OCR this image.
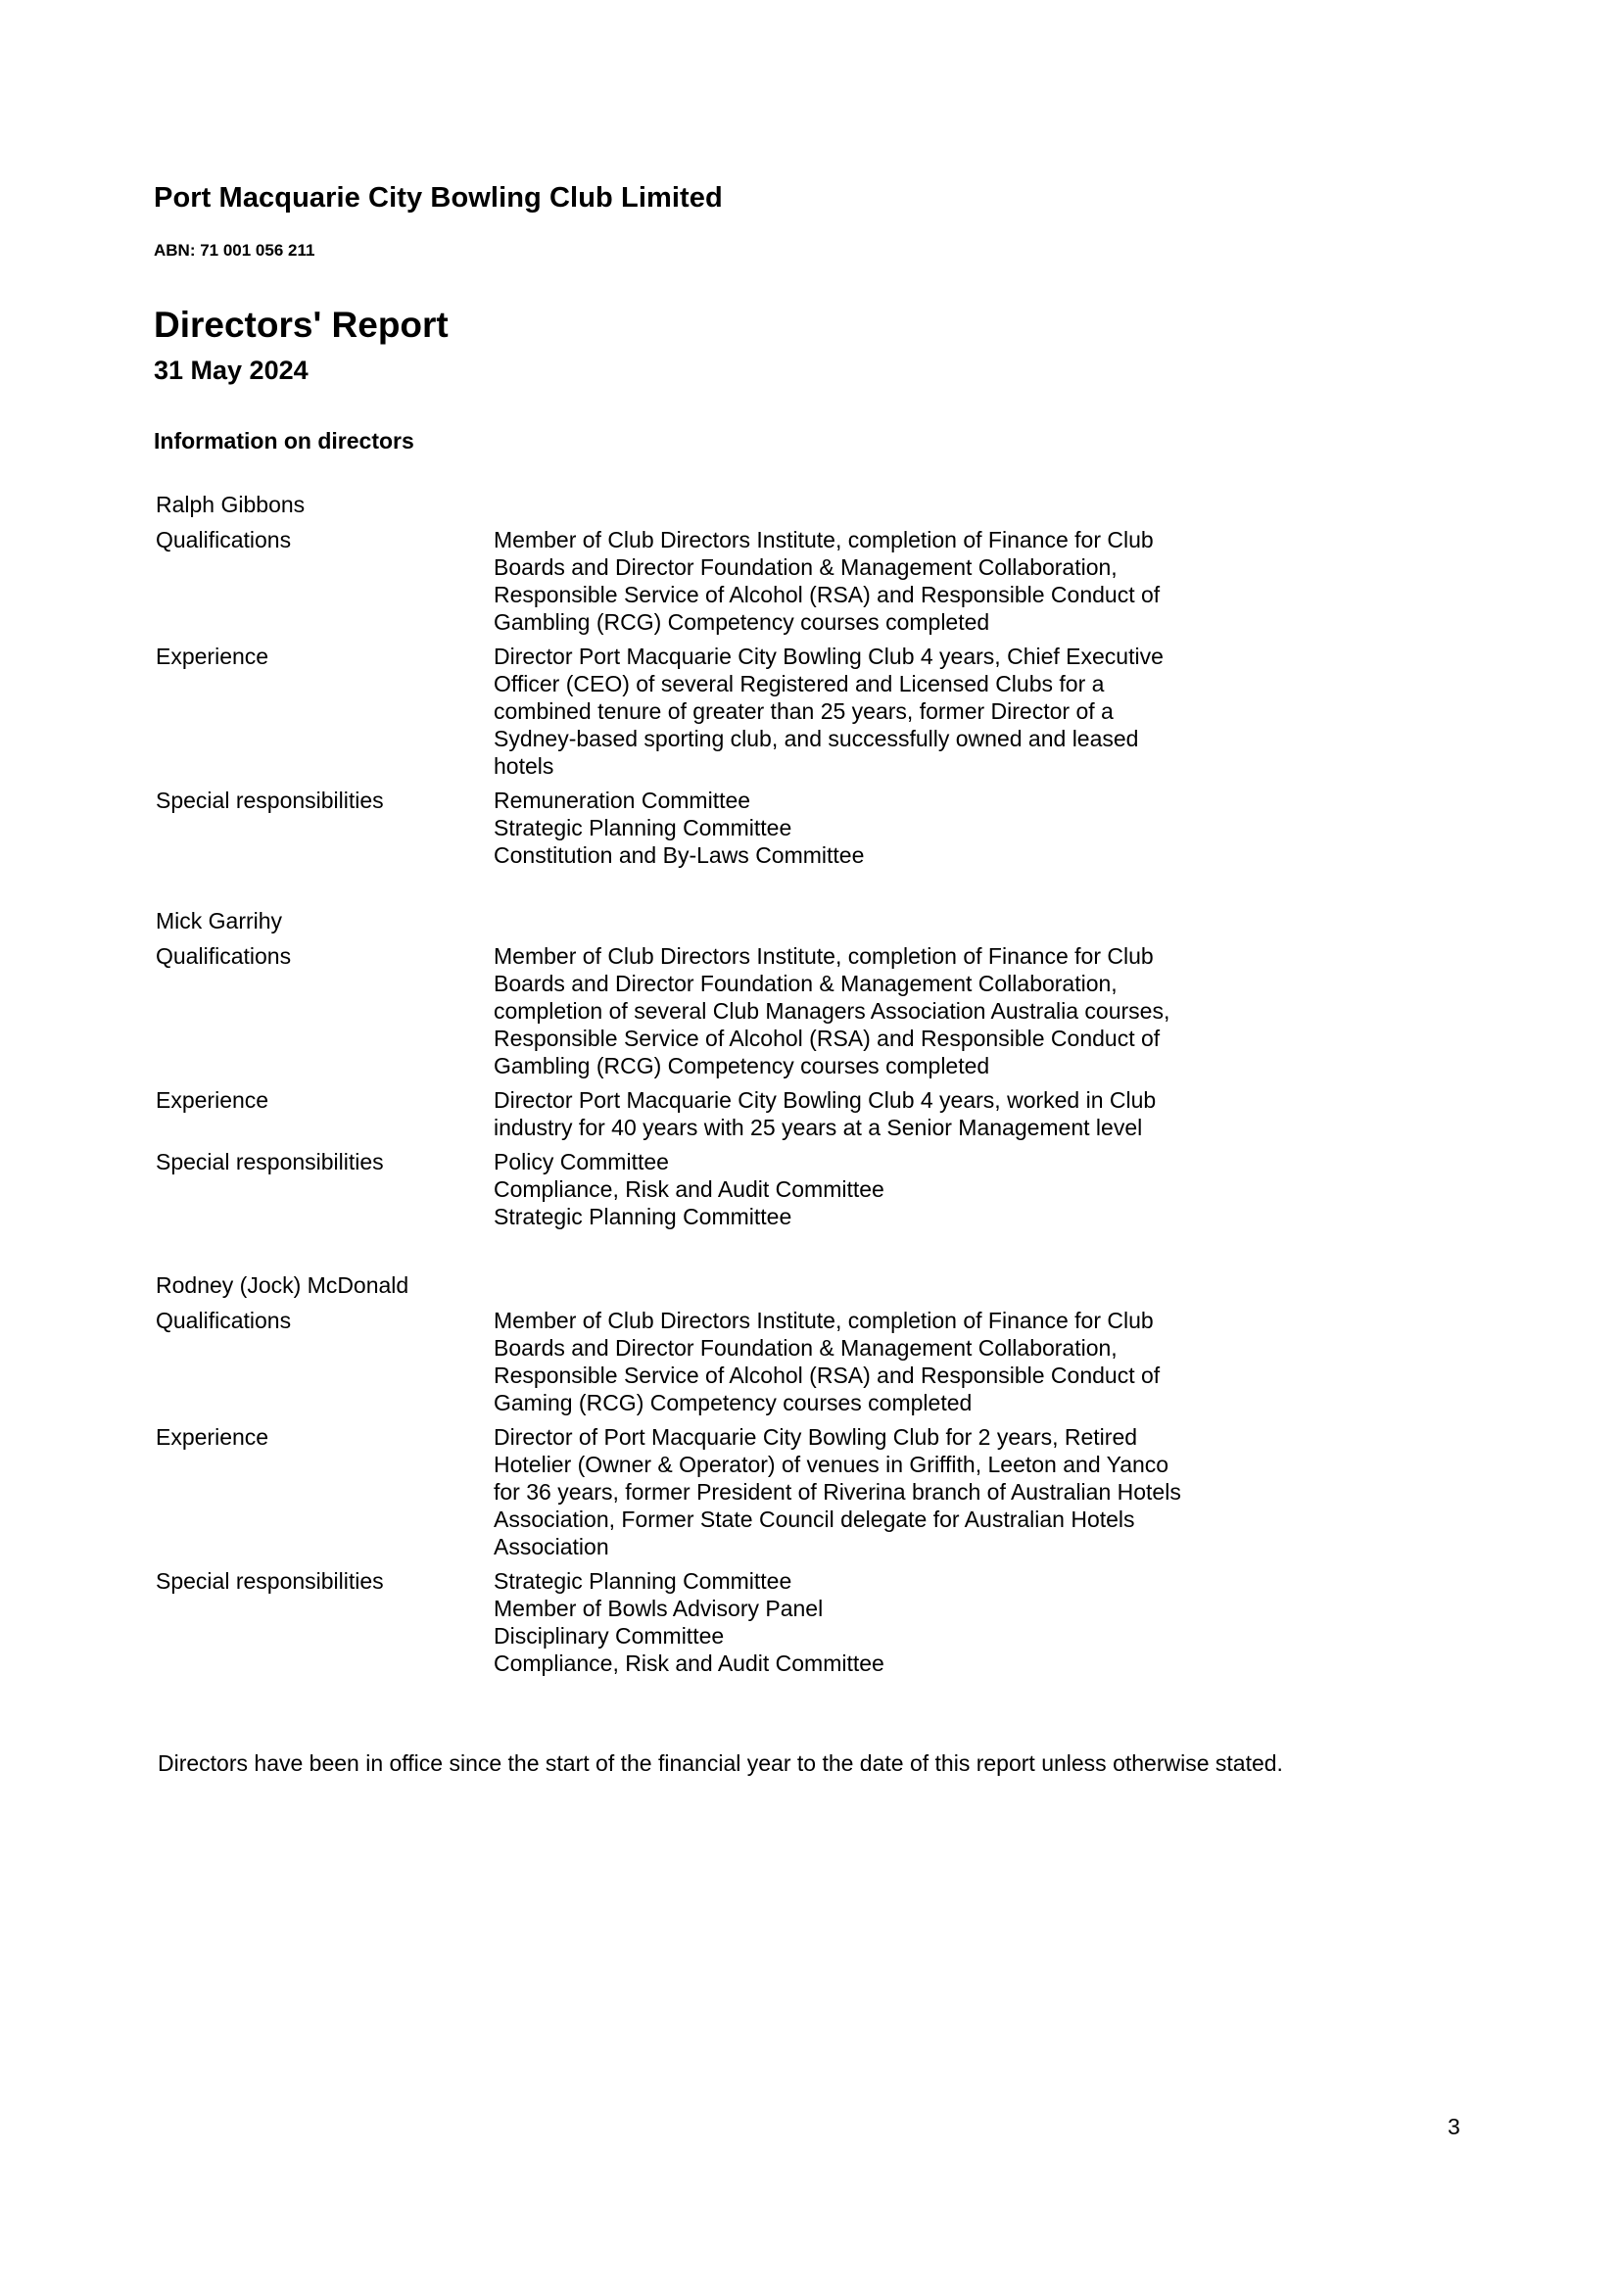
Port Macquarie City Bowling Club Limited
ABN: 71 001 056 211
Directors' Report
31 May 2024
Information on directors
Ralph Gibbons
Qualifications	Member of Club Directors Institute, completion of Finance for Club
Boards and Director Foundation & Management Collaboration,
Responsible Service of Alcohol (RSA) and Responsible Conduct of
Gambling (RCG) Competency courses completed
Experience	Director Port Macquarie City Bowling Club 4 years, Chief Executive
Officer (CEO) of several Registered and Licensed Clubs for a
combined tenure of greater than 25 years, former Director of a
Sydney-based sporting club, and successfully owned and leased
hotels
Special responsibilities	Remuneration Committee
Strategic Planning Committee
Constitution and By-Laws Committee
Mick Garrihy
Qualifications	Member of Club Directors Institute, completion of Finance for Club
Boards and Director Foundation & Management Collaboration,
completion of several Club Managers Association Australia courses,
Responsible Service of Alcohol (RSA) and Responsible Conduct of
Gambling (RCG) Competency courses completed
Experience	Director Port Macquarie City Bowling Club 4 years, worked in Club
industry for 40 years with 25 years at a Senior Management level
Special responsibilities	Policy Committee
Compliance, Risk and Audit Committee
Strategic Planning Committee
Rodney (Jock) McDonald
Qualifications	Member of Club Directors Institute, completion of Finance for Club
Boards and Director Foundation & Management Collaboration,
Responsible Service of Alcohol (RSA) and Responsible Conduct of
Gaming (RCG) Competency courses completed
Experience	Director of Port Macquarie City Bowling Club for 2 years, Retired
Hotelier (Owner & Operator) of venues in Griffith, Leeton and Yanco
for 36 years, former President of Riverina branch of Australian Hotels
Association, Former State Council delegate for Australian Hotels
Association
Special responsibilities	Strategic Planning Committee
Member of Bowls Advisory Panel
Disciplinary Committee
Compliance, Risk and Audit Committee
Directors have been in office since the start of the financial year to the date of this report unless otherwise stated.
3
